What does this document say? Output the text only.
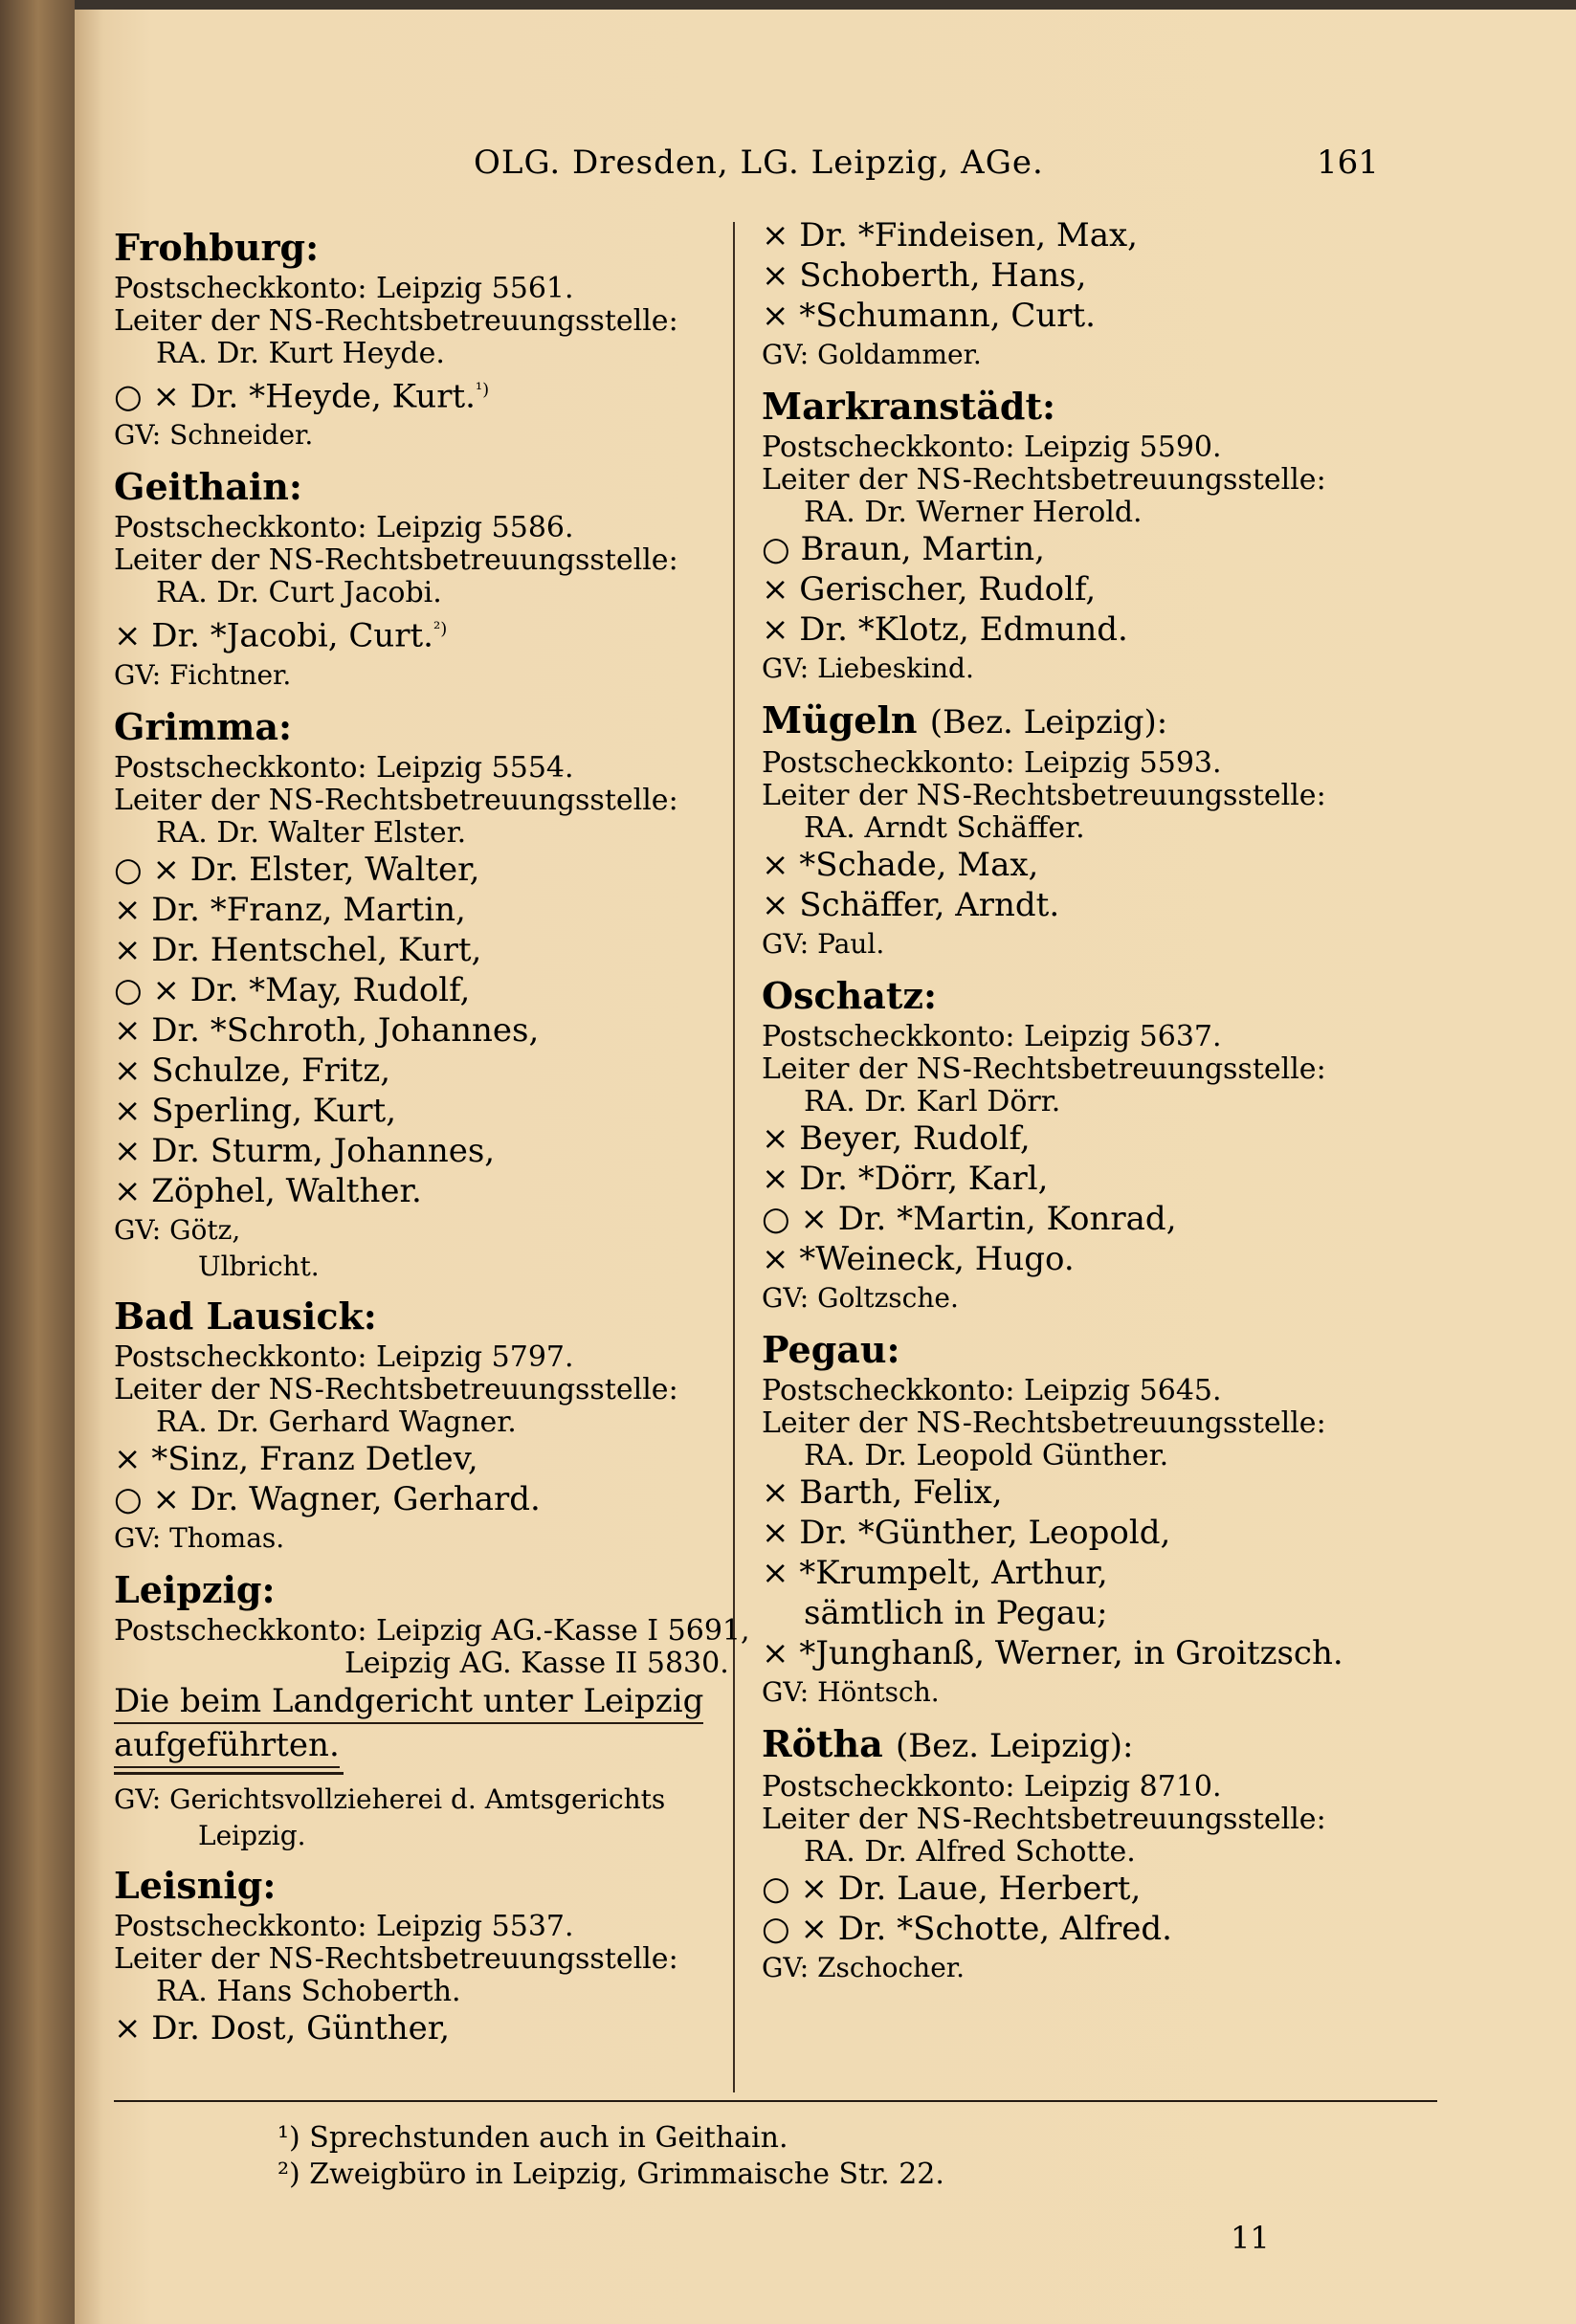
OLG. Dresden, LG. Leipzig, AGe.	161
Frohburg:
Postscheckkonto: Leipzig 5561.
Leiter der NS-Rechtsbetreuungsstelle:
RA. Dr. Kurt Heyde.
○ × Dr. *Heyde, Kurt.$^{^1)}$
GV: Schneider.
Geithain:
Postscheckkonto: Leipzig 5586.
Leiter der NS-Rechtsbetreuungsstelle:
RA. Dr. Curt Jacobi.
× Dr. *Jacobi, Curt.$^{^2)}$
GV: Fichtner.
Grimma:
Postscheckkonto: Leipzig 5554.
Leiter der NS-Rechtsbetreuungsstelle:
RA. Dr. Walter Elster.
○ × Dr. Elster, Walter,
× Dr. *Franz, Martin,
× Dr. Hentschel, Kurt,
○ × Dr. *May, Rudolf,
× Dr. *Schroth, Johannes,
× Schulze, Fritz,
× Sperling, Kurt,
× Dr. Sturm, Johannes,
× Zöphel, Walther.
GV: Götz,
Ulbricht.
Bad Lausick:
Postscheckkonto: Leipzig 5797.
Leiter der NS-Rechtsbetreuungsstelle:
RA. Dr. Gerhard Wagner.
× *Sinz, Franz Detlev,
○ × Dr. Wagner, Gerhard.
GV: Thomas.
Leipzig:
Postscheckkonto: Leipzig AG.-Kasse I 5691,
Leipzig AG. Kasse II 5830.
Die beim Landgericht unter Leipzig
aufgeführten.
GV: Gerichtsvollzieherei d. Amtsgerichts
Leipzig.
Leisnig:
Postscheckkonto: Leipzig 5537.
Leiter der NS-Rechtsbetreuungsstelle:
RA. Hans Schoberth.
× Dr. Dost, Günther,
× Dr. *Findeisen, Max,
× Schoberth, Hans,
× *Schumann, Curt.
GV: Goldammer.
Markranstädt:
Postscheckkonto: Leipzig 5590.
Leiter der NS-Rechtsbetreuungsstelle:
RA. Dr. Werner Herold.
○ Braun, Martin,
× Gerischer, Rudolf,
× Dr. *Klotz, Edmund.
GV: Liebeskind.
Mügeln (Bez. Leipzig):
Postscheckkonto: Leipzig 5593.
Leiter der NS-Rechtsbetreuungsstelle:
RA. Arndt Schäffer.
× *Schade, Max,
× Schäffer, Arndt.
GV: Paul.
Oschatz:
Postscheckkonto: Leipzig 5637.
Leiter der NS-Rechtsbetreuungsstelle:
RA. Dr. Karl Dörr.
× Beyer, Rudolf,
× Dr. *Dörr, Karl,
○ × Dr. *Martin, Konrad,
× *Weineck, Hugo.
GV: Goltzsche.
Pegau:
Postscheckkonto: Leipzig 5645.
Leiter der NS-Rechtsbetreuungsstelle:
RA. Dr. Leopold Günther.
× Barth, Felix,
× Dr. *Günther, Leopold,
× *Krumpelt, Arthur,
sämtlich in Pegau;
× *Junghanß, Werner, in Groitzsch.
GV: Höntsch.
Rötha (Bez. Leipzig):
Postscheckkonto: Leipzig 8710.
Leiter der NS-Rechtsbetreuungsstelle:
RA. Dr. Alfred Schotte.
○ × Dr. Laue, Herbert,
○ × Dr. *Schotte, Alfred.
GV: Zschocher.
¹) Sprechstunden auch in Geithain.
²) Zweigbüro in Leipzig, Grimmaische Str. 22.
11
